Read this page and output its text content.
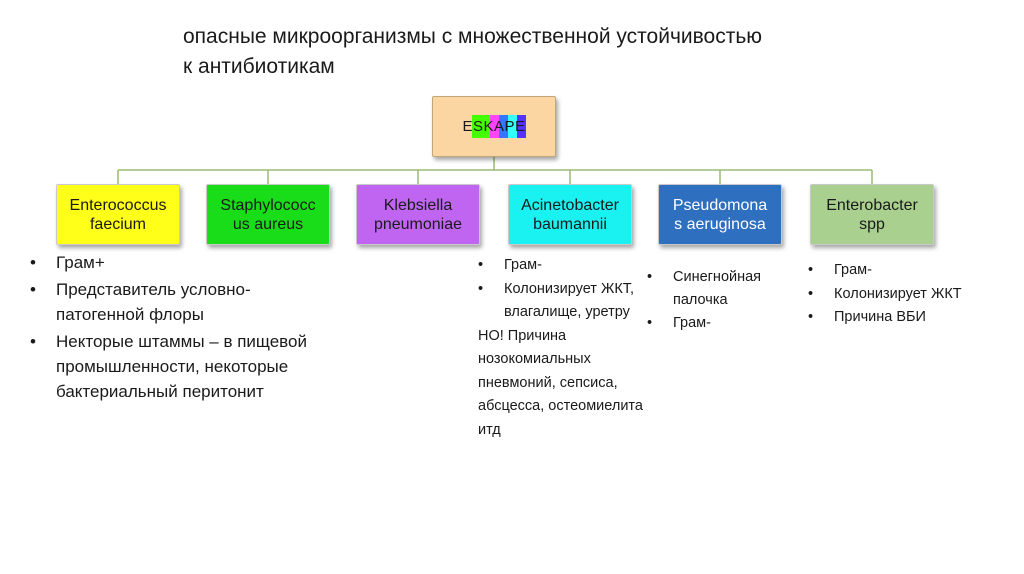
опасные микроорганизмы с множественной устойчивостью
к антибиотикам
ESKAPE
Enterococcus
faecium
Staphylococc
us aureus
Klebsiella
pneumoniae
Acinetobacter
baumannii
Pseudomona
s aeruginosa
Enterobacter
spp
• Грам+
• Представитель условно-патогенной флоры
• Некторые штаммы – в пищевой промышленности, некоторые бактериальный перитонит
• Грам-
• Колонизирует ЖКТ, влагалище, уретру
НО! Причина нозокомиальных пневмоний, сепсиса, абсцесса, остеомиелита итд
• Синегнойная палочка
• Грам-
• Грам-
• Колонизирует ЖКТ
• Причина ВБИ
